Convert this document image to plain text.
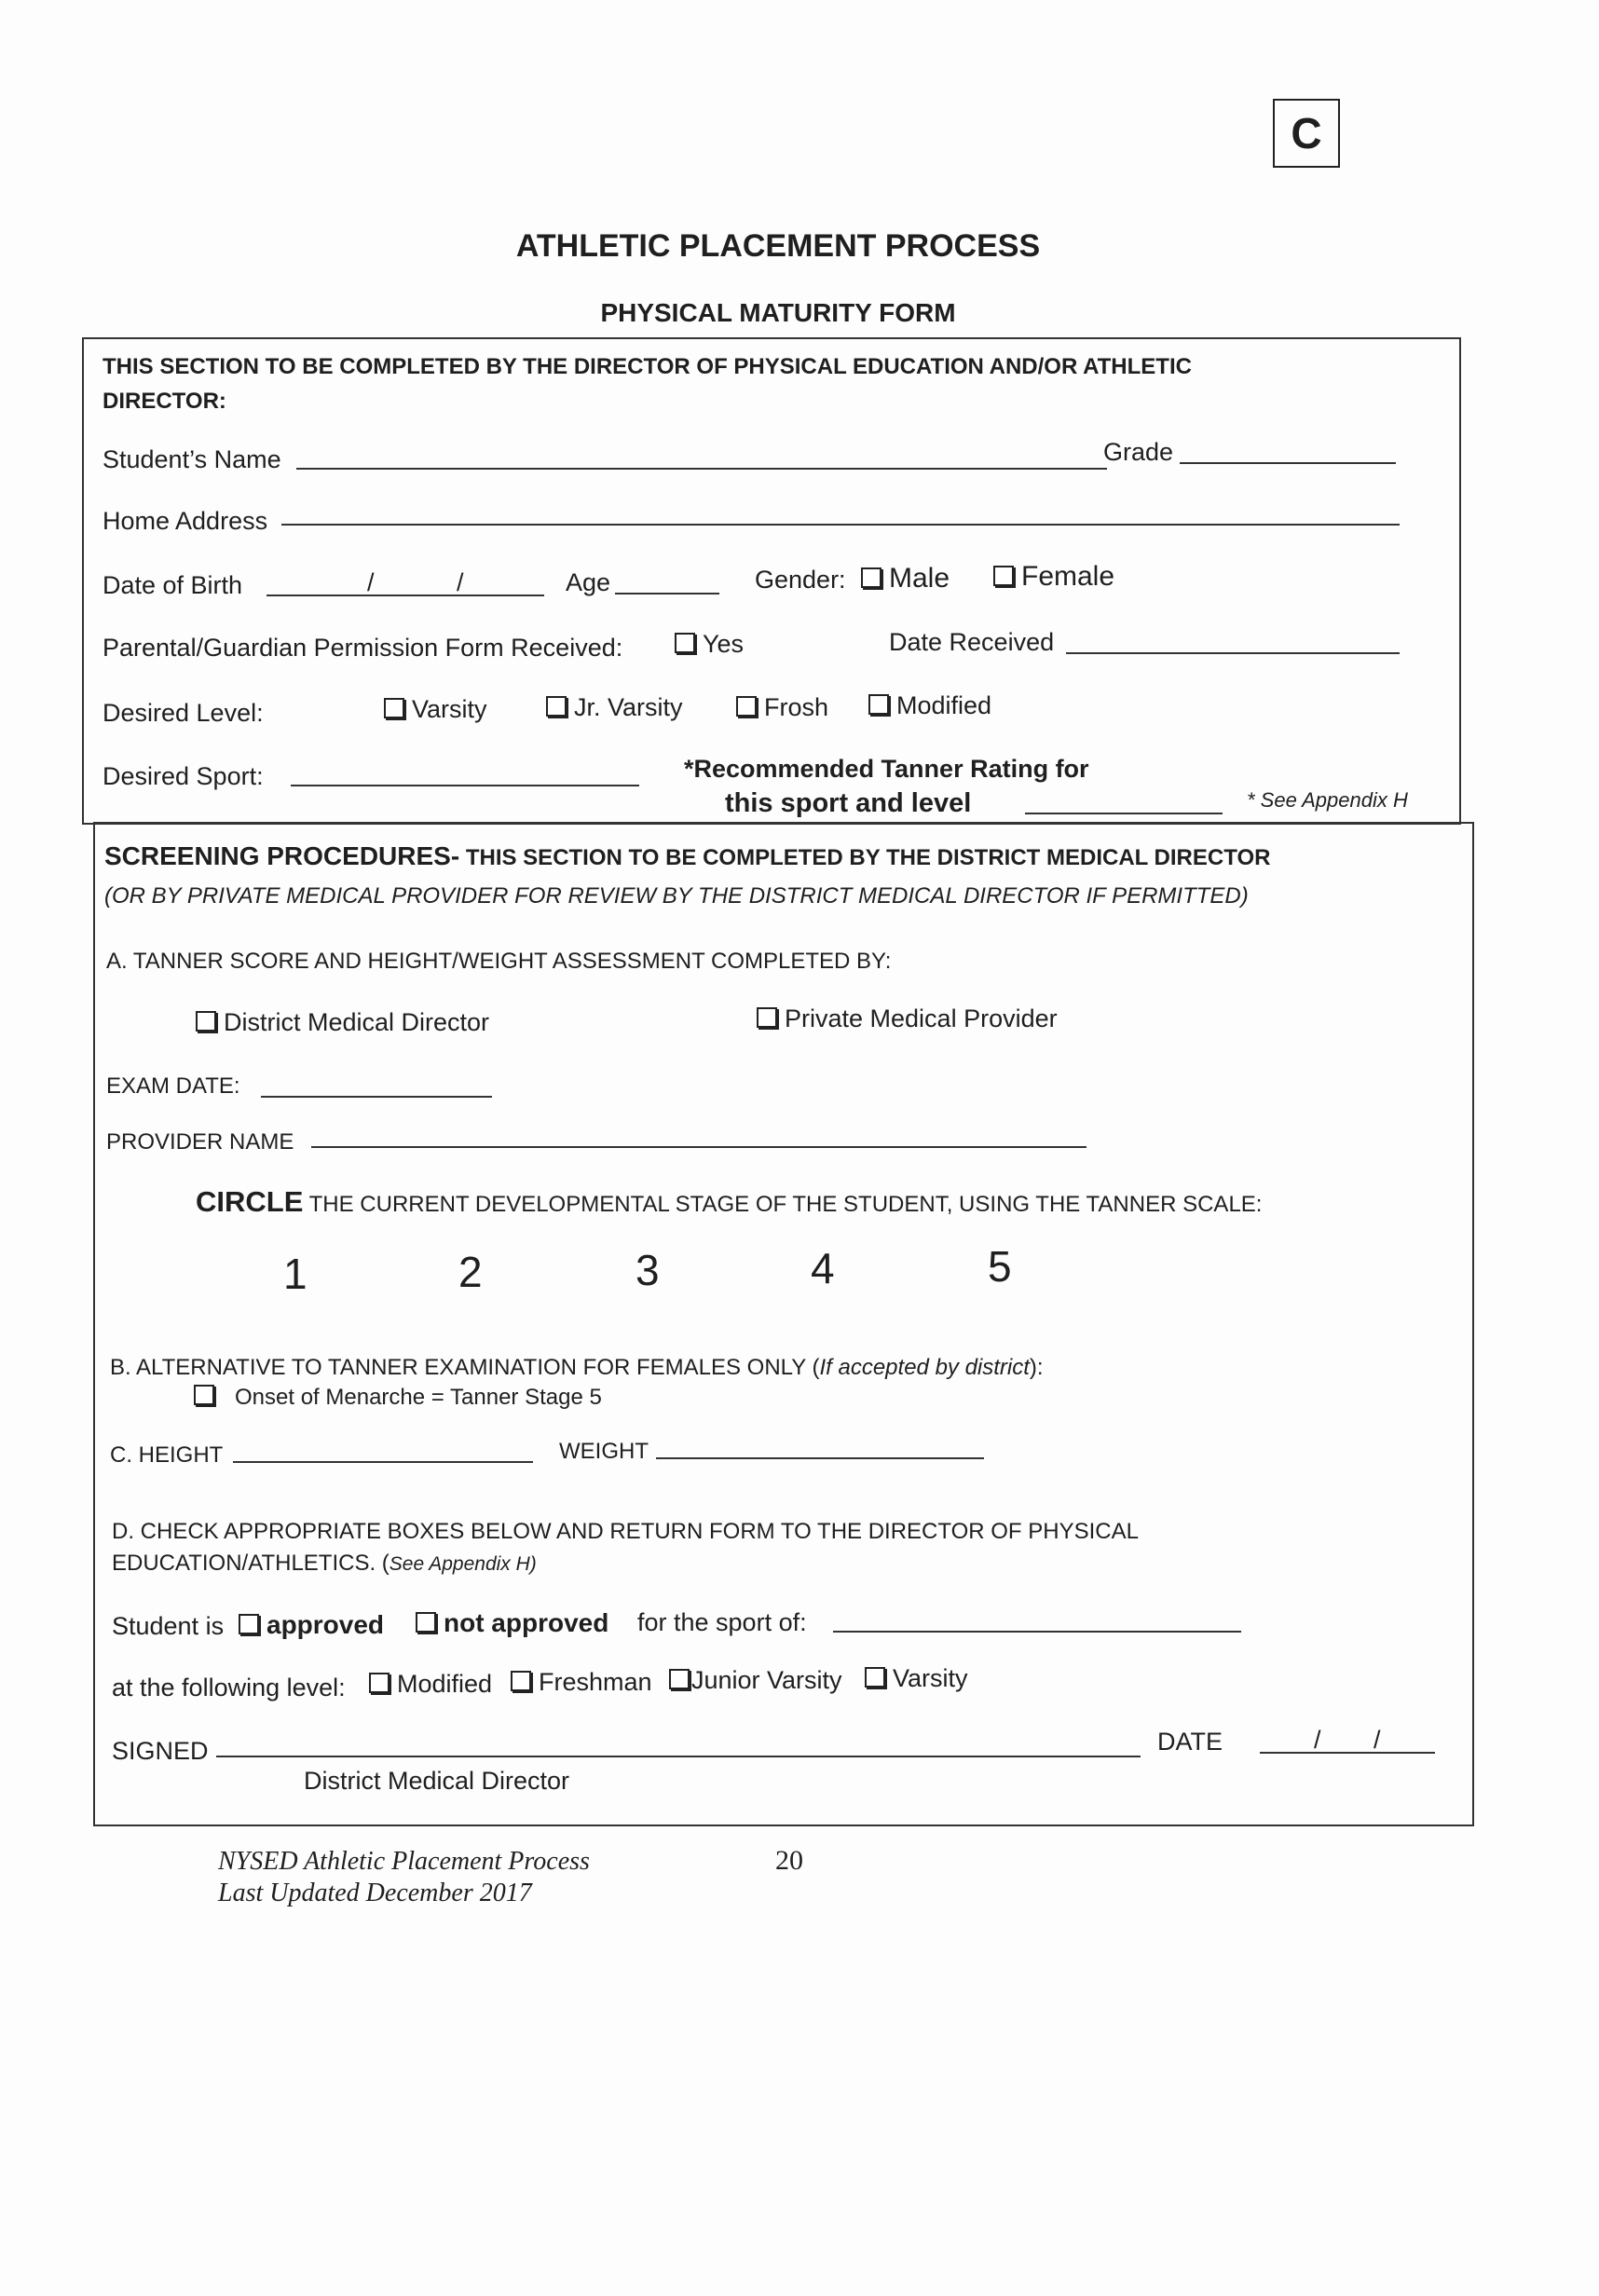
C
ATHLETIC PLACEMENT PROCESS
PHYSICAL MATURITY FORM
THIS SECTION TO BE COMPLETED BY THE DIRECTOR OF PHYSICAL EDUCATION AND/OR ATHLETIC
DIRECTOR:
Student’s Name	Grade
Home Address
Date of Birth	/	/	Age	Gender:	Male	Female
Parental/Guardian Permission Form Received:	Yes	Date Received
Desired Level:	Varsity	Jr. Varsity	Frosh	Modified
Desired Sport:	*Recommended Tanner Rating for
this sport and level	* See Appendix H
SCREENING PROCEDURES- THIS SECTION TO BE COMPLETED BY THE DISTRICT MEDICAL DIRECTOR
(OR BY PRIVATE MEDICAL PROVIDER FOR REVIEW BY THE DISTRICT MEDICAL DIRECTOR IF PERMITTED)
A. TANNER SCORE AND HEIGHT/WEIGHT ASSESSMENT COMPLETED BY:
District Medical Director	Private Medical Provider
EXAM DATE:
PROVIDER NAME
CIRCLE THE CURRENT DEVELOPMENTAL STAGE OF THE STUDENT, USING THE TANNER SCALE:
1	2	3	4	5
B. ALTERNATIVE TO TANNER EXAMINATION FOR FEMALES ONLY (If accepted by district):
Onset of Menarche = Tanner Stage 5
C. HEIGHT	WEIGHT
D. CHECK APPROPRIATE BOXES BELOW AND RETURN FORM TO THE DIRECTOR OF PHYSICAL
EDUCATION/ATHLETICS. (See Appendix H)
Student is	approved	not approved for the sport of:
at the following level:	Modified	Freshman	Junior Varsity	Varsity
SIGNED	DATE	/ /
District Medical Director
NYSED Athletic Placement Process
Last Updated December 2017
20
